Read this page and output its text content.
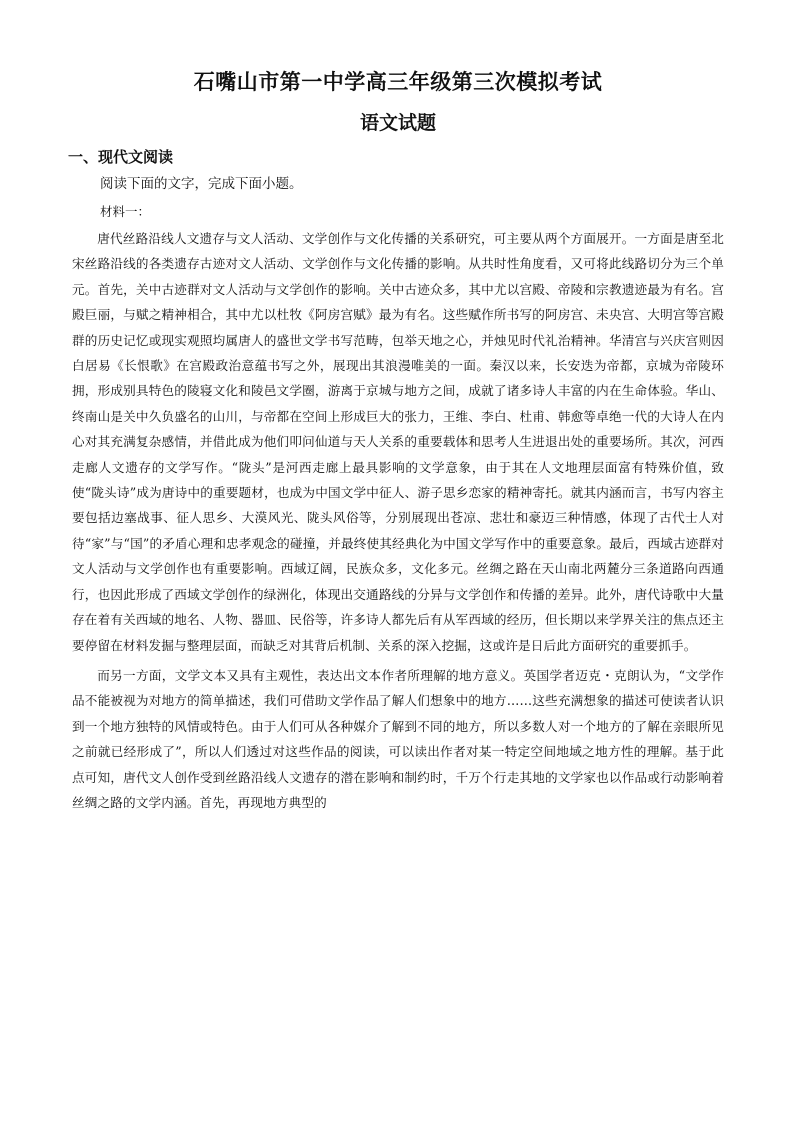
石嘴山市第一中学高三年级第三次模拟考试
语文试题
一、现代文阅读
阅读下面的文字，完成下面小题。
材料一：

唐代丝路沿线人文遗存与文人活动、文学创作与文化传播的关系研究，可主要从两个方面展开。一方面是唐至北宋丝路沿线的各类遗存古迹对文人活动、文学创作与文化传播的影响。从共时性角度看，又可将此线路切分为三个单元。首先，关中古迹群对文人活动与文学创作的影响。关中古迹众多，其中尤以宫殿、帝陵和宗教遗迹最为有名。宫殿巨丽，与赋之精神相合，其中尤以杜牧《阿房宫赋》最为有名。这些赋作所书写的阿房宫、未央宫、大明宫等宫殿群的历史记忆或现实观照均属唐人的盛世文学书写范畴，包举天地之心，并烛见时代礼治精神。华清宫与兴庆宫则因白居易《长恨歌》在宫殿政治意蕴书写之外，展现出其浪漫唯美的一面。秦汉以来，长安迭为帝都，京城为帝陵环拥，形成别具特色的陵寝文化和陵邑文学圈，游离于京城与地方之间，成就了诸多诗人丰富的内在生命体验。华山、终南山是关中久负盛名的山川，与帝都在空间上形成巨大的张力，王维、李白、杜甫、韩愈等卓绝一代的大诗人在内心对其充满复杂感情，并借此成为他们叩问仙道与天人关系的重要载体和思考人生进退出处的重要场所。其次，河西走廊人文遗存的文学写作。“陇头”是河西走廊上最具影响的文学意象，由于其在人文地理层面富有特殊价值，致使“陇头诗”成为唐诗中的重要题材，也成为中国文学中征人、游子思乡恋家的精神寄托。就其内涵而言，书写内容主要包括边塞战事、征人思乡、大漠风光、陇头风俗等，分别展现出苍凉、悲壮和豪迈三种情感，体现了古代士人对待“家”与“国”的矛盾心理和忠孝观念的碰撞，并最终使其经典化为中国文学写作中的重要意象。最后，西域古迹群对文人活动与文学创作也有重要影响。西域辽阔，民族众多，文化多元。丝绸之路在天山南北两麓分三条道路向西通行，也因此形成了西域文学创作的绿洲化，体现出交通路线的分异与文学创作和传播的差异。此外，唐代诗歌中大量存在着有关西域的地名、人物、器皿、民俗等，许多诗人都先后有从军西域的经历，但长期以来学界关注的焦点还主要停留在材料发掘与整理层面，而缺乏对其背后机制、关系的深入挖掘，这或许是日后此方面研究的重要抓手。

而另一方面，文学文本又具有主观性，表达出文本作者所理解的地方意义。英国学者迈克・克朗认为，“文学作品不能被视为对地方的简单描述，我们可借助文学作品了解人们想象中的地方……这些充满想象的描述可使读者认识到一个地方独特的风情或特色。由于人们可从各种媒介了解到不同的地方，所以多数人对一个地方的了解在亲眼所见之前就已经形成了”，所以人们透过对这些作品的阅读，可以读出作者对某一特定空间地域之地方性的理解。基于此点可知，唐代文人创作受到丝路沿线人文遗存的潜在影响和制约时，千万个行走其地的文学家也以作品或行动影响着丝绸之路的文学内涵。首先，再现地方典型的
